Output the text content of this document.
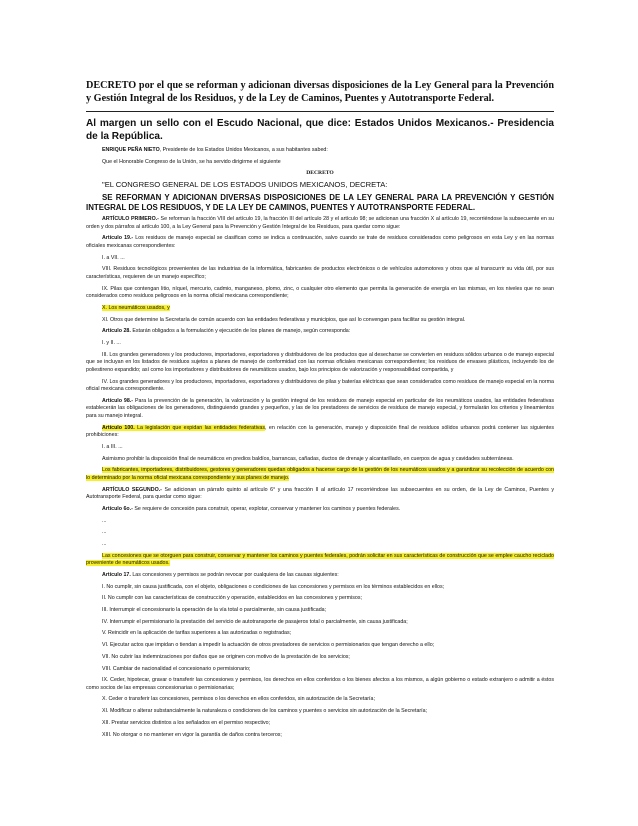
DECRETO por el que se reforman y adicionan diversas disposiciones de la Ley General para la Prevención y Gestión Integral de los Residuos, y de la Ley de Caminos, Puentes y Autotransporte Federal.

Al margen un sello con el Escudo Nacional, que dice: Estados Unidos Mexicanos.- Presidencia de la República.

ENRIQUE PEÑA NIETO, Presidente de los Estados Unidos Mexicanos, a sus habitantes sabed:

Que el Honorable Congreso de la Unión, se ha servido dirigirme el siguiente

DECRETO

"EL CONGRESO GENERAL DE LOS ESTADOS UNIDOS MEXICANOS, DECRETA:

SE REFORMAN Y ADICIONAN DIVERSAS DISPOSICIONES DE LA LEY GENERAL PARA LA PREVENCIÓN Y GESTIÓN INTEGRAL DE LOS RESIDUOS, Y DE LA LEY DE CAMINOS, PUENTES Y AUTOTRANSPORTE FEDERAL.

ARTÍCULO PRIMERO.- Se reforman la fracción VIII del artículo 19, la fracción III del artículo 28 y el artículo 98; se adicionan una fracción X al artículo 19, recorriéndose la subsecuente en su orden y dos párrafos al artículo 100, a la Ley General para la Prevención y Gestión Integral de los Residuos, para quedar como sigue:

Artículo 19.- Los residuos de manejo especial se clasifican como se indica a continuación, salvo cuando se trate de residuos considerados como peligrosos en esta Ley y en las normas oficiales mexicanas correspondientes:

I. a VII. ...

VIII. Residuos tecnológicos provenientes de las industrias de la informática, fabricantes de productos electrónicos o de vehículos automotores y otros que al transcurrir su vida útil, por sus características, requieren de un manejo específico;

IX. Pilas que contengan litio, níquel, mercurio, cadmio, manganeso, plomo, zinc, o cualquier otro elemento que permita la generación de energía en las mismas, en los niveles que no sean considerados como residuos peligrosos en la norma oficial mexicana correspondiente;

X. Los neumáticos usados, y

XI. Otros que determine la Secretaría de común acuerdo con las entidades federativas y municipios, que así lo convengan para facilitar su gestión integral.

Artículo 28. Estarán obligados a la formulación y ejecución de los planes de manejo, según corresponda:

I. y II. ...

III. Los grandes generadores y los productores, importadores, exportadores y distribuidores de los productos que al desecharse se convierten en residuos sólidos urbanos o de manejo especial que se incluyan en los listados de residuos sujetos a planes de manejo de conformidad con las normas oficiales mexicanas correspondientes; los residuos de envases plásticos, incluyendo los de poliestireno expandido; así como los importadores y distribuidores de neumáticos usados, bajo los principios de valorización y responsabilidad compartida, y

IV. Los grandes generadores y los productores, importadores, exportadores y distribuidores de pilas y baterías eléctricas que sean considerados como residuos de manejo especial en la norma oficial mexicana correspondiente.

Artículo 98.- Para la prevención de la generación, la valorización y la gestión integral de los residuos de manejo especial en particular de los neumáticos usados, las entidades federativas establecerán las obligaciones de los generadores, distinguiendo grandes y pequeños, y las de los prestadores de servicios de residuos de manejo especial, y formularán los criterios y lineamientos para su manejo integral.

Artículo 100. La legislación que expidan las entidades federativas, en relación con la generación, manejo y disposición final de residuos sólidos urbanos podrá contener las siguientes prohibiciones:

I. a III. ...

Asimismo prohibir la disposición final de neumáticos en predios baldíos, barrancas, cañadas, ductos de drenaje y alcantarillado, en cuerpos de agua y cavidades subterráneas.

Los fabricantes, importadores, distribuidores, gestores y generadores quedan obligados a hacerse cargo de la gestión de los neumáticos usados y a garantizar su recolección de acuerdo con lo determinado por la norma oficial mexicana correspondiente y sus planes de manejo.

ARTÍCULO SEGUNDO.- Se adicionan un párrafo quinto al artículo 6° y una fracción II al artículo 17 recorriéndose las subsecuentes en su orden, de la Ley de Caminos, Puentes y Autotransporte Federal, para quedar como sigue:

Artículo 6o.- Se requiere de concesión para construir, operar, explotar, conservar y mantener los caminos y puentes federales.

...

...

...

Las concesiones que se otorguen para construir, conservar y mantener los caminos y puentes federales, podrán solicitar en sus características de construcción que se emplee caucho reciclado proveniente de neumáticos usados.

Artículo 17. Las concesiones y permisos se podrán revocar por cualquiera de las causas siguientes:

I. No cumplir, sin causa justificada, con el objeto, obligaciones o condiciones de las concesiones y permisos en los términos establecidos en ellos;

II. No cumplir con las características de construcción y operación, establecidos en las concesiones y permisos;

III. Interrumpir el concesionario la operación de la vía total o parcialmente, sin causa justificada;

IV. Interrumpir el permisionario la prestación del servicio de autotransporte de pasajeros total o parcialmente, sin causa justificada;

V. Reincidir en la aplicación de tarifas superiores a las autorizadas o registradas;

VI. Ejecutar actos que impidan o tiendan a impedir la actuación de otros prestadores de servicios o permisionarios que tengan derecho a ello;

VII. No cubrir las indemnizaciones por daños que se originen con motivo de la prestación de los servicios;

VIII. Cambiar de nacionalidad el concesionario o permisionario;

IX. Ceder, hipotecar, gravar o transferir las concesiones y permisos, los derechos en ellos conferidos o los bienes afectos a los mismos, a algún gobierno o estado extranjero o admitir a éstos como socios de las empresas concesionarias o permisionarias;

X. Ceder o transferir las concesiones, permisos o los derechos en ellos conferidos, sin autorización de la Secretaría;

XI. Modificar o alterar substancialmente la naturaleza o condiciones de los caminos y puentes o servicios sin autorización de la Secretaría;

XII. Prestar servicios distintos a los señalados en el permiso respectivo;

XIII. No otorgar o no mantener en vigor la garantía de daños contra terceros;
